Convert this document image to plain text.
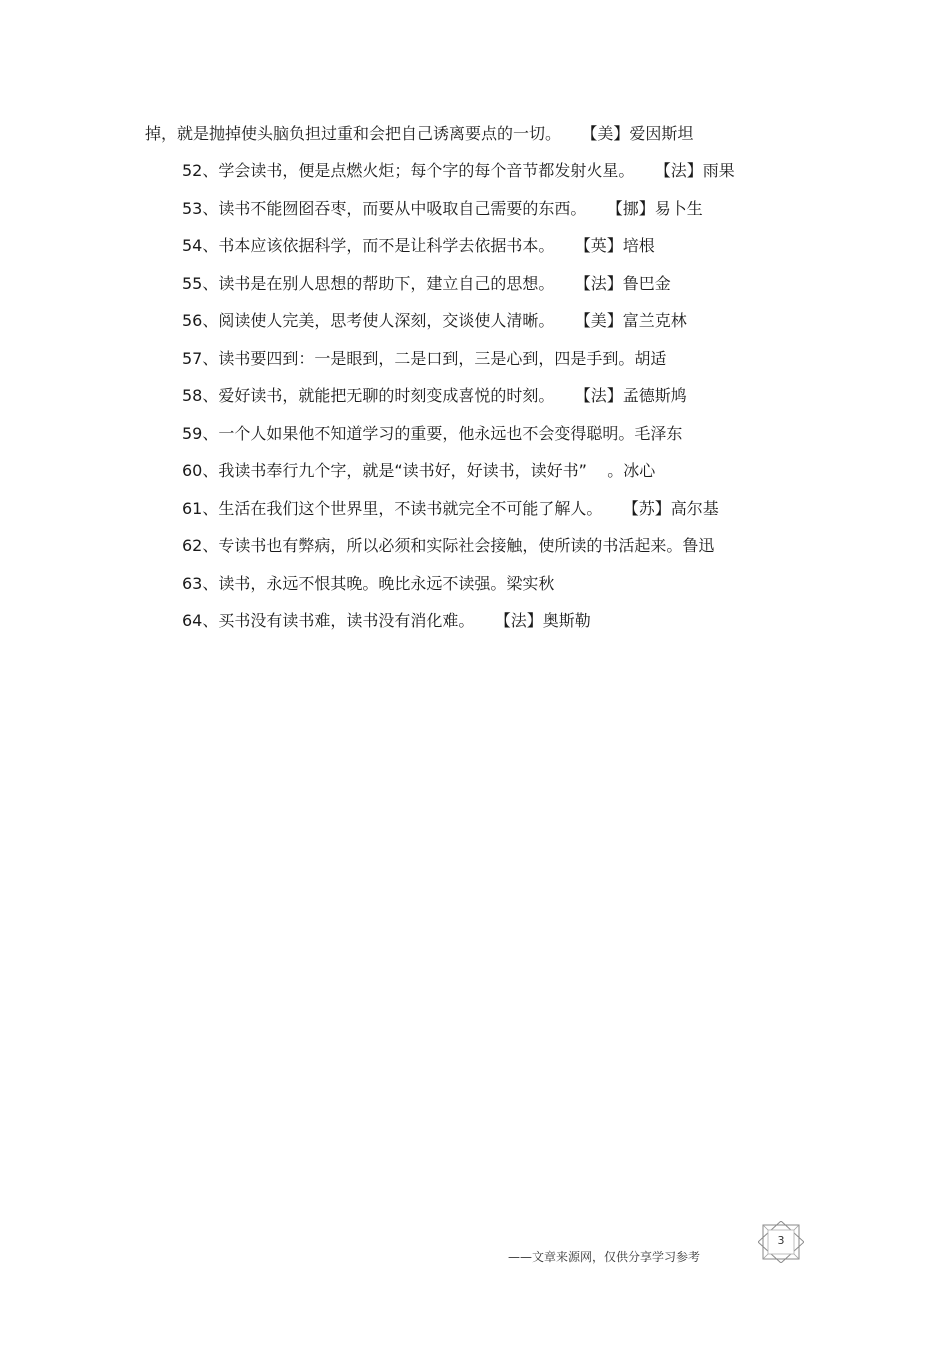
掉，就是抛掉使头脑负担过重和会把自己诱离要点的一切。    【美】爱因斯坦
52、学会读书，便是点燃火炬；每个字的每个音节都发射火星。    【法】雨果
53、读书不能囫囵吞枣，而要从中吸取自己需要的东西。    【挪】易卜生
54、书本应该依据科学，而不是让科学去依据书本。    【英】培根
55、读书是在别人思想的帮助下，建立自己的思想。    【法】鲁巴金
56、阅读使人完美，思考使人深刻，交谈使人清晰。    【美】富兰克林
57、读书要四到：一是眼到，二是口到，三是心到，四是手到。胡适
58、爱好读书，就能把无聊的时刻变成喜悦的时刻。    【法】孟德斯鸠
59、一个人如果他不知道学习的重要，他永远也不会变得聪明。毛泽东
60、我读书奉行九个字，就是“读书好，好读书，读好书”    。冰心
61、生活在我们这个世界里，不读书就完全不可能了解人。    【苏】高尔基
62、专读书也有弊病，所以必须和实际社会接触，使所读的书活起来。鲁迅
63、读书，永远不恨其晚。晚比永远不读强。梁实秋
64、买书没有读书难，读书没有消化难。    【法】奥斯勒
——文章来源网，仅供分享学习参考
3
